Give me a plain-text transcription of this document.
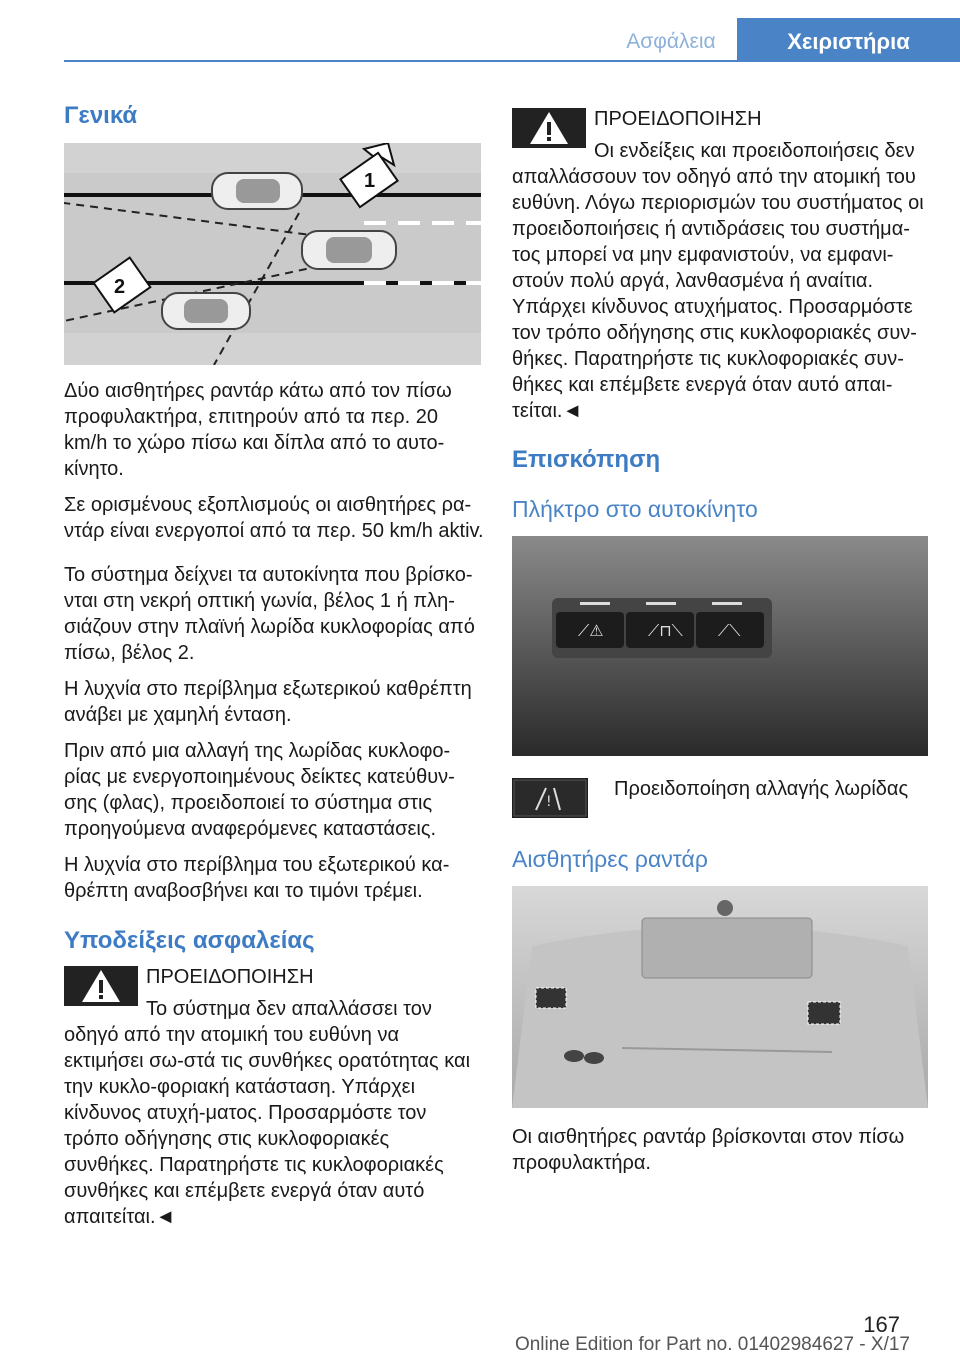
Ασφάλεια	Χειριστήρια
Γενικά
1
2

Δύο αισθητήρες ραντάρ κάτω από τον πίσω προφυλακτήρα, επιτηρούν από τα περ. 20 km/h το χώρο πίσω και δίπλα από το αυτο-κίνητο.

Σε ορισμένους εξοπλισμούς οι αισθητήρες ρα-ντάρ είναι ενεργοποί από τα περ. 50 km/h aktiv.

Το σύστημα δείχνει τα αυτοκίνητα που βρίσκο-νται στη νεκρή οπτική γωνία, βέλος 1 ή πλη-σιάζουν στην πλαϊνή λωρίδα κυκλοφορίας από πίσω, βέλος 2.

Η λυχνία στο περίβλημα εξωτερικού καθρέπτη ανάβει με χαμηλή ένταση.

Πριν από μια αλλαγή της λωρίδας κυκλοφο-ρίας με ενεργοποιημένους δείκτες κατεύθυν-σης (φλας), προειδοποιεί το σύστημα στις προηγούμενα αναφερόμενες καταστάσεις.

Η λυχνία στο περίβλημα του εξωτερικού κα-θρέπτη αναβοσβήνει και το τιμόνι τρέμει.

Υποδείξεις ασφαλείας
ΠΡΟΕΙΔΟΠΟΙΗΣΗ
Το σύστημα δεν απαλλάσσει τον οδηγό από την ατομική του ευθύνη να εκτιμήσει σω-στά τις συνθήκες ορατότητας και την κυκλο-φοριακή κατάσταση. Υπάρχει κίνδυνος ατυχή-ματος. Προσαρμόστε τον τρόπο οδήγησης στις κυκλοφοριακές συνθήκες. Παρατηρήστε τις κυκλοφοριακές συνθήκες και επέμβετε ενεργά όταν αυτό απαιτείται.◄
ΠΡΟΕΙΔΟΠΟΙΗΣΗ
Οι ενδείξεις και προειδοποιήσεις δεν απαλλάσσουν τον οδηγό από την ατομική του ευθύνη. Λόγω περιορισμών του συστήματος οι προειδοποιήσεις ή αντιδράσεις του συστήμα-τος μπορεί να μην εμφανιστούν, να εμφανι-στούν πολύ αργά, λανθασμένα ή αναίτια. Υπάρχει κίνδυνος ατυχήματος. Προσαρμόστε τον τρόπο οδήγησης στις κυκλοφοριακές συν-θήκες. Παρατηρήστε τις κυκλοφοριακές συν-θήκες και επέμβετε ενεργά όταν αυτό απαι-τείται.◄
Επισκόπηση
Πλήκτρο στο αυτοκίνητο
⟋⚠	⟋⊓⟍ ⟋⟍
!
Προειδοποίηση αλλαγής λωρίδας
Αισθητήρες ραντάρ
Οι αισθητήρες ραντάρ βρίσκονται στον πίσω προφυλακτήρα.
167
Online Edition for Part no. 01402984627 - X/17
